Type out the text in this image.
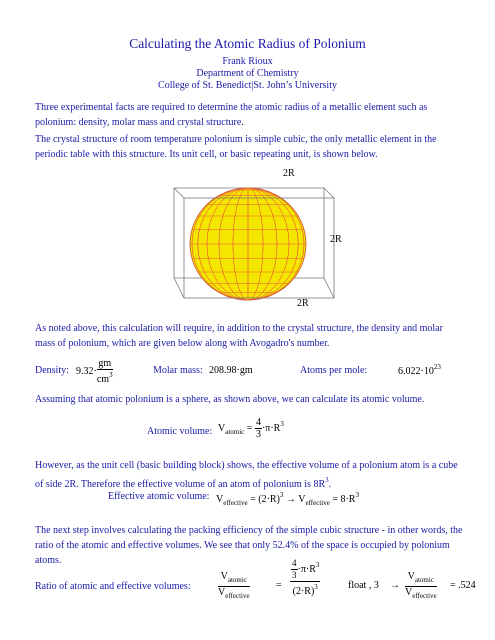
Calculating the Atomic Radius of Polonium
Frank Rioux
Department of Chemistry
College of St. Benedict|St. John’s University
Three experimental facts are required to determine the atomic radius of a metallic element such as polonium: density, molar mass and crystal structure.
The crystal structure of room temperature polonium is simple cubic, the only metallic element in the periodic table with this structure. Its unit cell, or basic repeating unit, is shown below.
2R
2R
2R
As noted above, this calculation will require, in addition to the crystal structure, the density and molar mass of polonium, which are given below along with Avogadro's number.
Density: $9.32\cdot \frac{gm}{cm^3}$	Molar mass: 208.98·gm	Atoms per mole:	$6.022\cdot 10^{23}$
Assuming that atomic polonium is a sphere, as shown above, we can calculate its atomic volume.
Atomic volume: $V_{atomic} = \frac{4}{3} \cdot\pi\cdot R^3$
However, as the unit cell (basic building block) shows, the effective volume of a polonium atom is a cube of side 2R. Therefore the effective volume of an atom of polonium is $8R^3$.
Effective atomic volume: $V_{effective} = (2\cdot R)^3 \to V_{effective} = 8\cdot R^3$
The next step involves calculating the packing efficiency of the simple cubic structure - in other words, the ratio of the atomic and effective volumes. We see that only 52.4% of the space is occupied by polonium atoms.
Ratio of atomic and effective volumes:	$\frac{V_{atomic}}{V_{effective}}$	= $\frac{\frac{4}{3} \cdot\pi\cdot R^3}{(2\cdot R)^3}$	float , $3 \to \frac{V_{atomic}}{V_{effective}} = .524$
